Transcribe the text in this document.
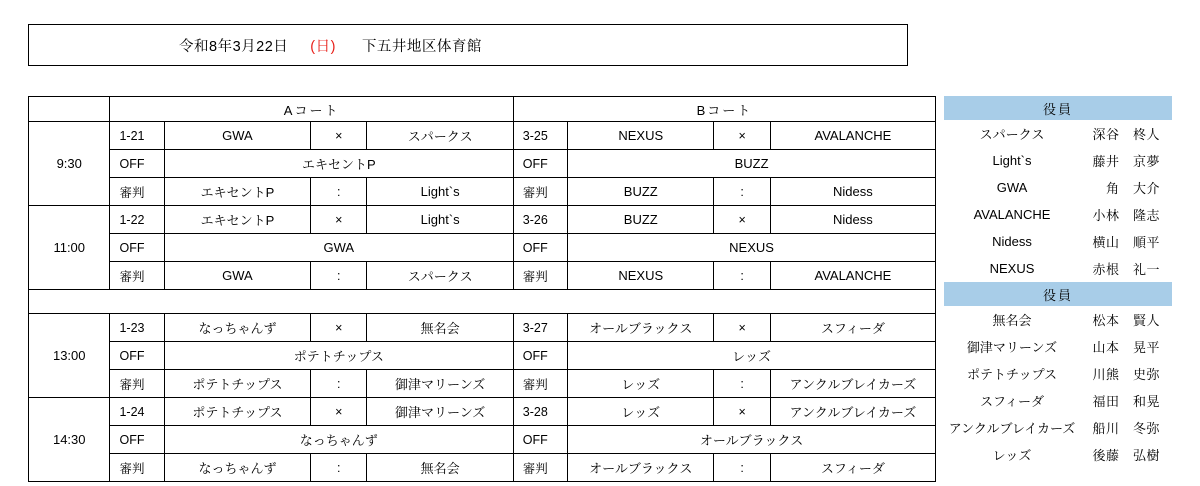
令和8年3月22日 (日) 下五井地区体育館
	Aコート				Bコート			
9:30	1-21	GWA	×	スパークス	3-25	NEXUS	×	AVALANCHE
	OFF	エキセントP			OFF	BUZZ		
	審判	エキセントP	:	Light`s	審判	BUZZ	:	Nidess
11:00	1-22	エキセントP	×	Light`s	3-26	BUZZ	×	Nidess
	OFF	GWA			OFF	NEXUS		
	審判	GWA	:	スパークス	審判	NEXUS	:	AVALANCHE

13:00	1-23	なっちゃんず	×	無名会	3-27	オールブラックス	×	スフィーダ
	OFF	ポテトチップス			OFF	レッズ		
	審判	ポテトチップス	:	御津マリーンズ	審判	レッズ	:	アンクルブレイカーズ
14:30	1-24	ポテトチップス	×	御津マリーンズ	3-28	レッズ	×	アンクルブレイカーズ
	OFF	なっちゃんず			OFF	オールブラックス		
	審判	なっちゃんず	:	無名会	審判	オールブラックス	:	スフィーダ
役員	
スパークス	深谷　柊人
Light`s	藤井　京夢
GWA	角　大介
AVALANCHE	小林　隆志
Nidess	横山　順平
NEXUS	赤根　礼一
役員	
無名会	松本　賢人
御津マリーンズ	山本　晃平
ポテトチップス	川熊　史弥
スフィーダ	福田　和晃
アンクルブレイカーズ	船川　冬弥
レッズ	後藤　弘樹
